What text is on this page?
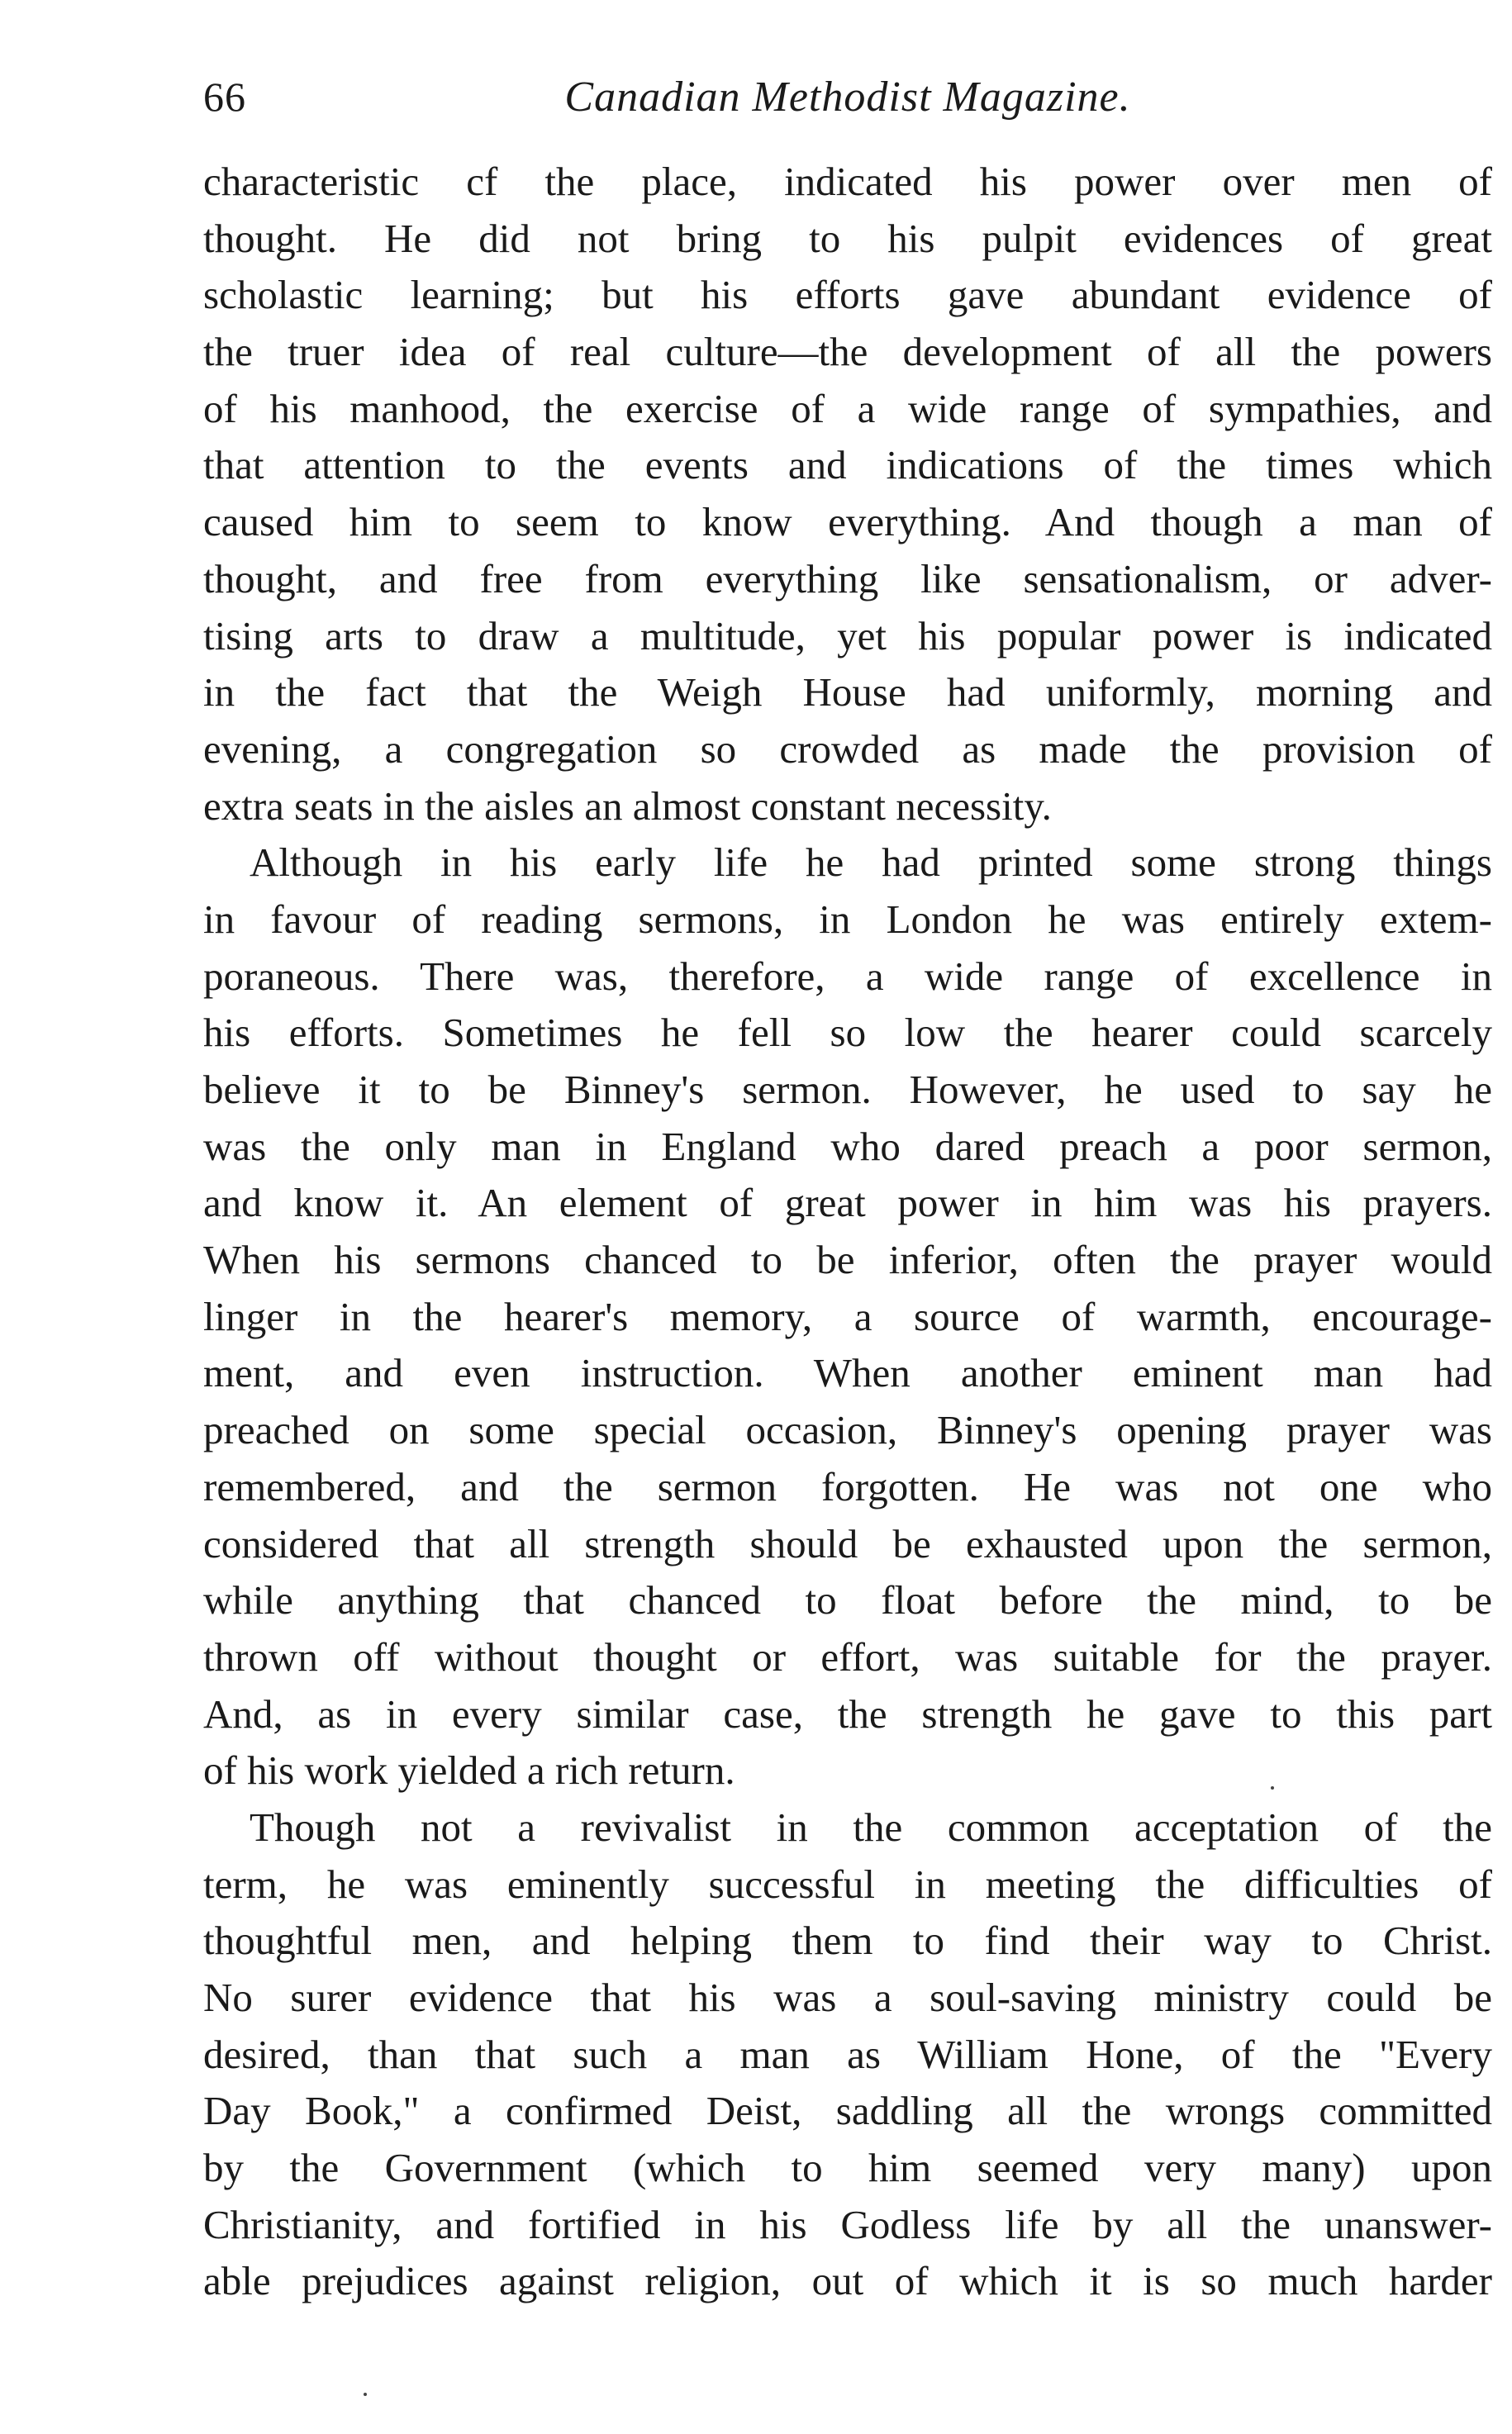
66	Canadian Methodist Magazine.

characteristic cf the place, indicated his power over men of
thought. He did not bring to his pulpit evidences of great
scholastic learning; but his efforts gave abundant evidence of
the truer idea of real culture—the development of all the powers
of his manhood, the exercise of a wide range of sympathies, and
that attention to the events and indications of the times which
caused him to seem to know everything. And though a man of
thought, and free from everything like sensationalism, or adver-
tising arts to draw a multitude, yet his popular power is indicated
in the fact that the Weigh House had uniformly, morning and
evening, a congregation so crowded as made the provision of
extra seats in the aisles an almost constant necessity.

Although in his early life he had printed some strong things
in favour of reading sermons, in London he was entirely extem-
poraneous. There was, therefore, a wide range of excellence in
his efforts. Sometimes he fell so low the hearer could scarcely
believe it to be Binney's sermon. However, he used to say he
was the only man in England who dared preach a poor sermon,
and know it. An element of great power in him was his prayers.
When his sermons chanced to be inferior, often the prayer would
linger in the hearer's memory, a source of warmth, encourage-
ment, and even instruction. When another eminent man had
preached on some special occasion, Binney's opening prayer was
remembered, and the sermon forgotten. He was not one who
considered that all strength should be exhausted upon the sermon,
while anything that chanced to float before the mind, to be
thrown off without thought or effort, was suitable for the prayer.
And, as in every similar case, the strength he gave to this part
of his work yielded a rich return.

Though not a revivalist in the common acceptation of the
term, he was eminently successful in meeting the difficulties of
thoughtful men, and helping them to find their way to Christ.
No surer evidence that his was a soul-saving ministry could be
desired, than that such a man as William Hone, of the "Every
Day Book," a confirmed Deist, saddling all the wrongs committed
by the Government (which to him seemed very many) upon
Christianity, and fortified in his Godless life by all the unanswer-
able prejudices against religion, out of which it is so much harder
